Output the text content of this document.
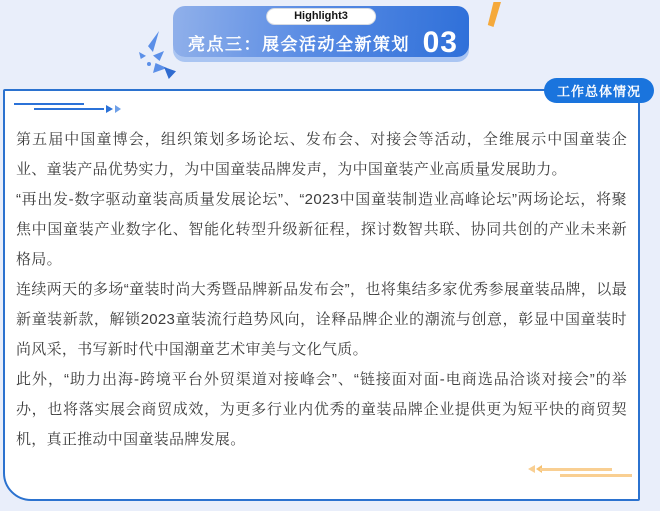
Highlight3
亮点三：展会活动全新策划 03
工作总体情况

第五届中国童博会，组织策划多场论坛、发布会、对接会等活动，全维展示中国童装企业、童装产品优势实力，为中国童装品牌发声，为中国童装产业高质量发展助力。

“再出发-数字驱动童装高质量发展论坛”、“2023中国童装制造业高峰论坛”两场论坛，将聚焦中国童装产业数字化、智能化转型升级新征程，探讨数智共联、协同共创的产业未来新格局。

连续两天的多场“童装时尚大秀暨品牌新品发布会”，也将集结多家优秀参展童装品牌，以最新童装新款，解锁2023童装流行趋势风向，诠释品牌企业的潮流与创意，彰显中国童装时尚风采，书写新时代中国潮童艺术审美与文化气质。

此外，“助力出海-跨境平台外贸渠道对接峰会”、“链接面对面-电商选品洽谈对接会”的举办，也将落实展会商贸成效，为更多行业内优秀的童装品牌企业提供更为短平快的商贸契机，真正推动中国童装品牌发展。
